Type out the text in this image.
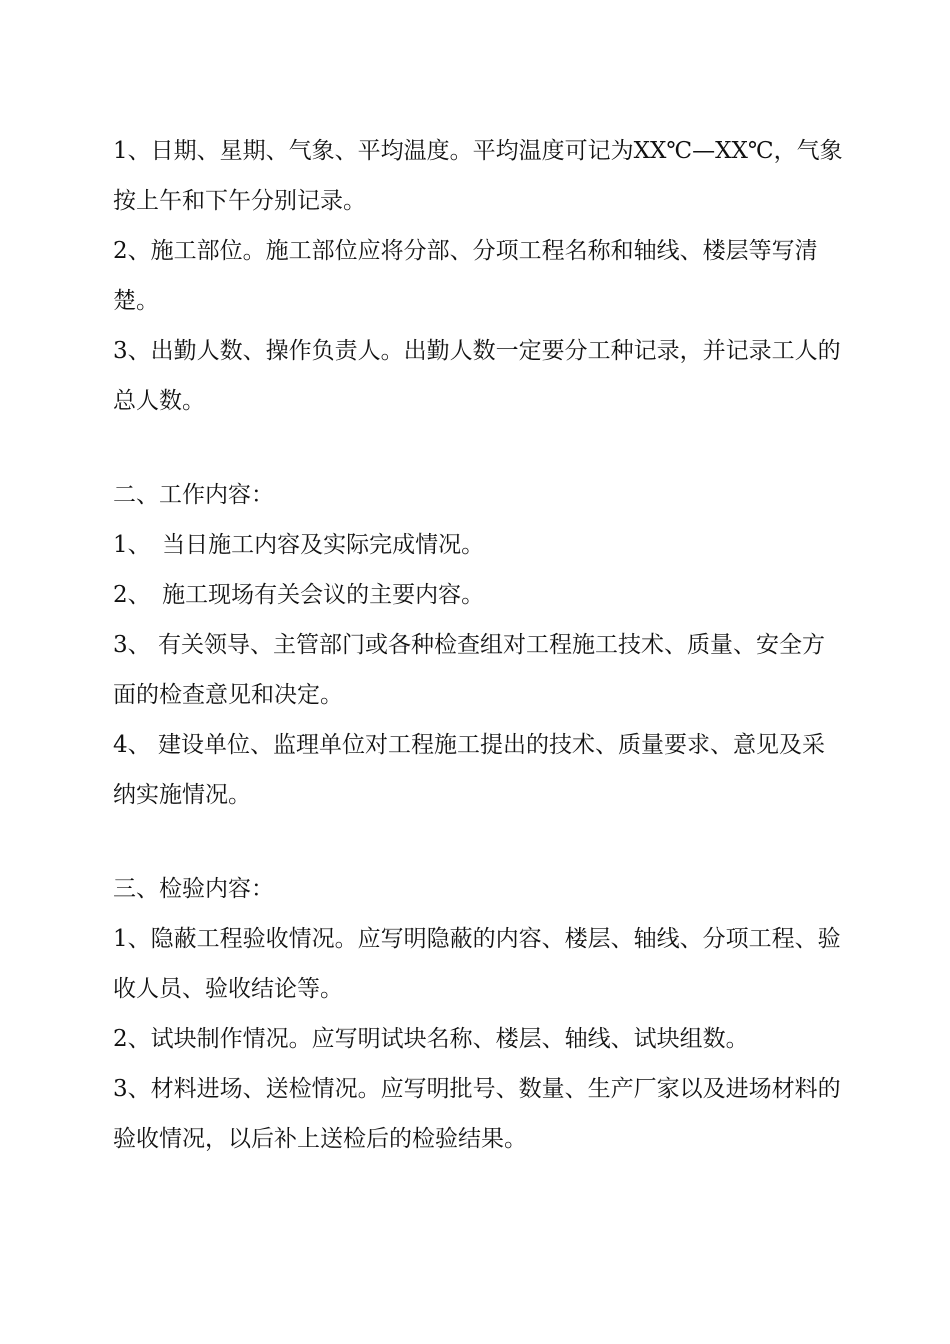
1、日期、星期、气象、平均温度。平均温度可记为XX℃—XX℃，气象按上午和下午分别记录。

2、施工部位。施工部位应将分部、分项工程名称和轴线、楼层等写清楚。

3、出勤人数、操作负责人。出勤人数一定要分工种记录，并记录工人的总人数。

二、工作内容：

1、　当日施工内容及实际完成情况。

2、　施工现场有关会议的主要内容。

3、 有关领导、主管部门或各种检查组对工程施工技术、质量、安全方面的检查意见和决定。

4、 建设单位、监理单位对工程施工提出的技术、质量要求、意见及采纳实施情况。

三、检验内容：

1、隐蔽工程验收情况。应写明隐蔽的内容、楼层、轴线、分项工程、验收人员、验收结论等。

2、试块制作情况。应写明试块名称、楼层、轴线、试块组数。

3、材料进场、送检情况。应写明批号、数量、生产厂家以及进场材料的验收情况，以后补上送检后的检验结果。
